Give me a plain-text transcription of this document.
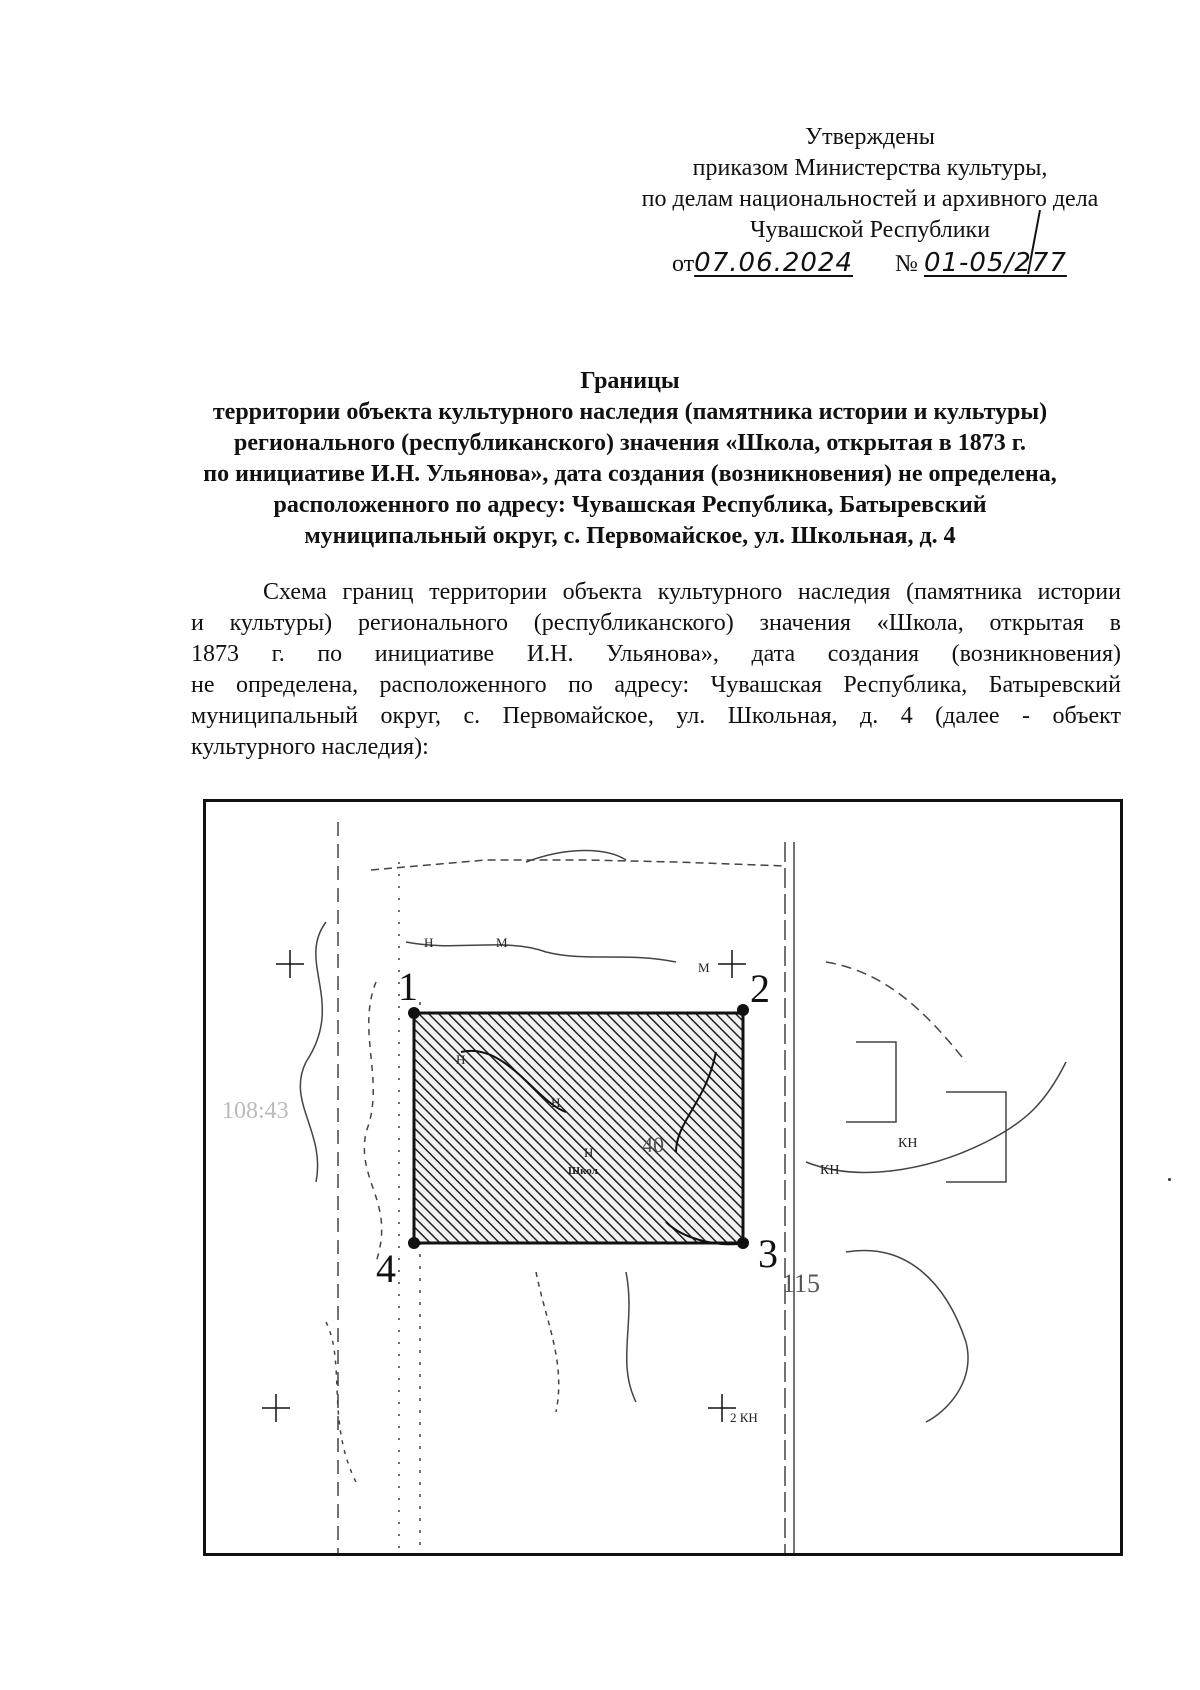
Утверждены
приказом Министерства культуры,
по делам национальностей и архивного дела
Чувашской Республики
от07.06.2024 № 01-05/277
Границы
территории объекта культурного наследия (памятника истории и культуры)
регионального (республиканского) значения «Школа, открытая в 1873 г.
по инициативе И.Н. Ульянова», дата создания (возникновения) не определена,
расположенного по адресу: Чувашская Республика, Батыревский
муниципальный округ, с. Первомайское, ул. Школьная, д. 4
Схема границ территории объекта культурного наследия (памятника истории
и культуры) регионального (республиканского) значения «Школа, открытая в
1873 г. по инициативе И.Н. Ульянова», дата создания (возникновения)
не определена, расположенного по адресу: Чувашская Республика, Батыревский
муниципальный округ, с. Первомайское, ул. Школьная, д. 4 (далее - объект
культурного наследия):
1	2
3
4
Н	М
М
Н
Н
Н
Школ
КН
КН
2 КН
115
40
108:43
